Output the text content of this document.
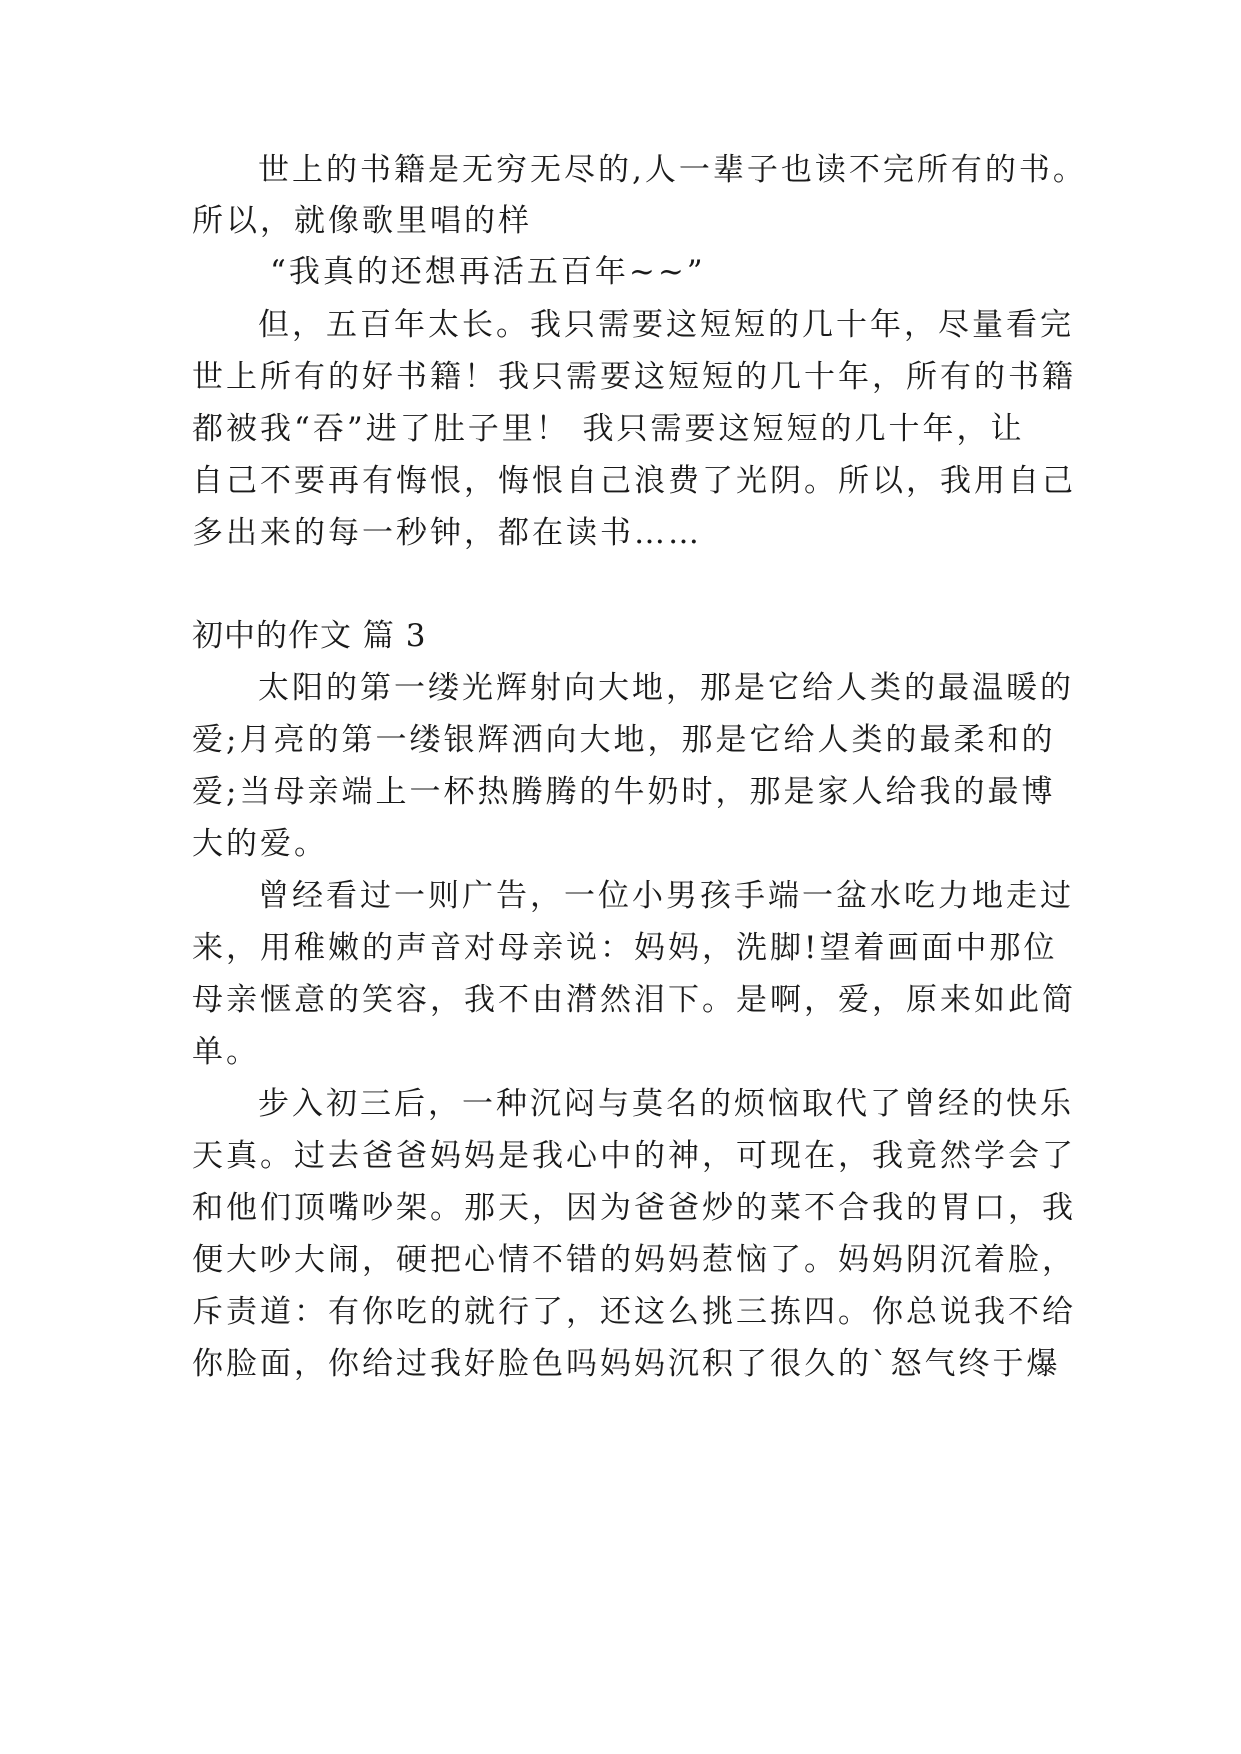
世上的书籍是无穷无尽的,人一辈子也读不完所有的书。
所以，就像歌里唱的样
“我真的还想再活五百年~~”
但，五百年太长。我只需要这短短的几十年，尽量看完
世上所有的好书籍！我只需要这短短的几十年，所有的书籍
都被我“吞”进了肚子里！ 我只需要这短短的几十年，让
自己不要再有悔恨，悔恨自己浪费了光阴。所以，我用自己
多出来的每一秒钟，都在读书……
初中的作文 篇 3
太阳的第一缕光辉射向大地，那是它给人类的最温暖的
爱;月亮的第一缕银辉洒向大地，那是它给人类的最柔和的
爱;当母亲端上一杯热腾腾的牛奶时，那是家人给我的最博
大的爱。
曾经看过一则广告，一位小男孩手端一盆水吃力地走过
来，用稚嫩的声音对母亲说：妈妈，洗脚!望着画面中那位
母亲惬意的笑容，我不由潸然泪下。是啊，爱，原来如此简
单。
步入初三后，一种沉闷与莫名的烦恼取代了曾经的快乐
天真。过去爸爸妈妈是我心中的神，可现在，我竟然学会了
和他们顶嘴吵架。那天，因为爸爸炒的菜不合我的胃口，我
便大吵大闹，硬把心情不错的妈妈惹恼了。妈妈阴沉着脸，
斥责道：有你吃的就行了，还这么挑三拣四。你总说我不给
你脸面，你给过我好脸色吗妈妈沉积了很久的`怒气终于爆
